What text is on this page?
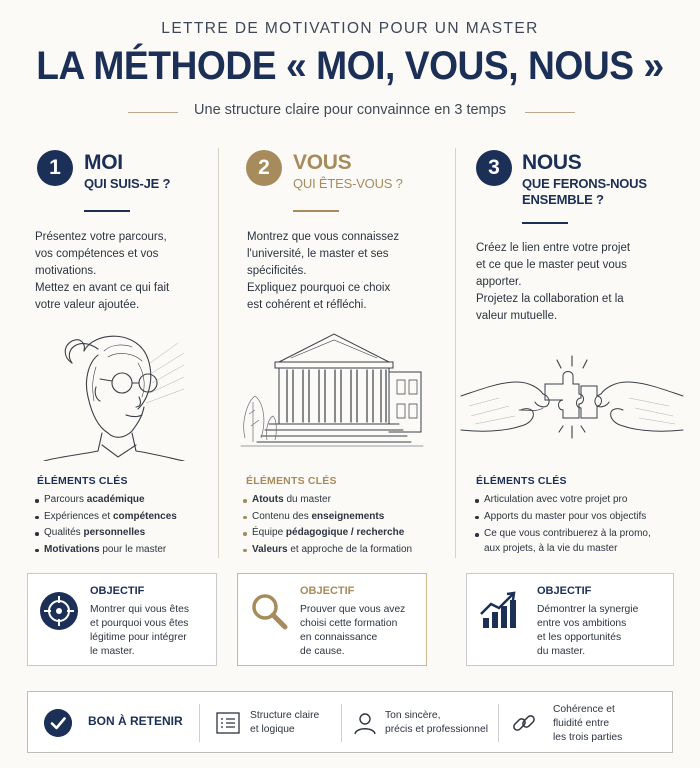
LETTRE DE MOTIVATION POUR UN MASTER
LA MÉTHODE « MOI, VOUS, NOUS »
Une structure claire pour convainnce en 3 temps
1	MOI
QUI SUIS-JE ?

Présentez votre parcours,
vos compétences et vos
motivations.
Mettez en avant ce qui fait
votre valeur ajoutée.

ÉLÉMENTS CLÉS
Parcours académique
Expériences et compétences
Qualités personnelles
Motivations pour le master
2	VOUS
QUI ÊTES-VOUS ?

Montrez que vous connaissez
l'université, le master et ses
spécificités.
Expliquez pourquoi ce choix
est cohérent et réfléchi.

ÉLÉMENTS CLÉS
Atouts du master
Contenu des enseignements
Équipe pédagogique / recherche
Valeurs et approche de la formation
3	NOUS
QUE FERONS-NOUS
ENSEMBLE ?

Créez le lien entre votre projet
et ce que le master peut vous
apporter.
Projetez la collaboration et la
valeur mutuelle.

ÉLÉMENTS CLÉS
Articulation avec votre projet pro
Apports du master pour vos objectifs
Ce que vous contribuerez à la promo,
aux projets, à la vie du master
OBJECTIF
Montrer qui vous êtes
et pourquoi vous êtes
légitime pour intégrer
le master.
OBJECTIF
Prouver que vous avez
choisi cette formation
en connaissance
de cause.
OBJECTIF
Démontrer la synergie
entre vos ambitions
et les opportunités
du master.
BON À RETENIR	Structure claire
et logique
Ton sincère,
précis et professionnel
Cohérence et
fluidité entre
les trois parties
